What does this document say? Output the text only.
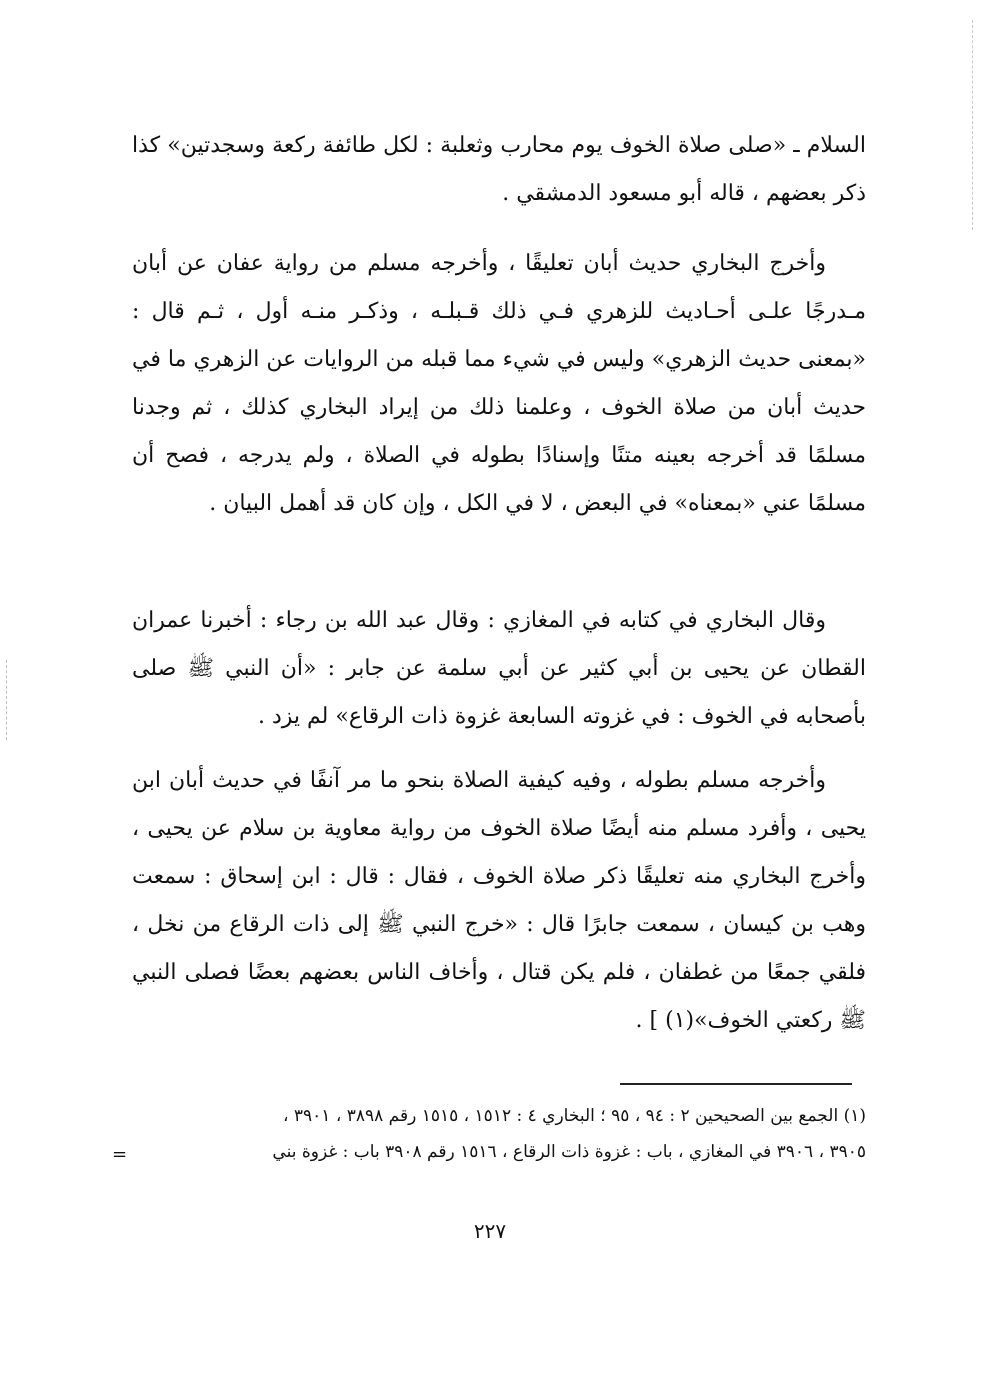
السلام ـ «صلى صلاة الخوف يوم محارب وثعلبة : لكل طائفة ركعة وسجدتين» كذا ذكر بعضهم ، قاله أبو مسعود الدمشقي .

وأخرج البخاري حديث أبان تعليقًا ، وأخرجه مسلم من رواية عفان عن أبان مـدرجًا علـى أحـاديث للزهري فـي ذلك قـبلـه ، وذكـر منـه أول ، ثـم قال : «بمعنى حديث الزهري» وليس في شيء مما قبله من الروايات عن الزهري ما في حديث أبان من صلاة الخوف ، وعلمنا ذلك من إيراد البخاري كذلك ، ثم وجدنا مسلمًا قد أخرجه بعينه متنًا وإسنادًا بطوله في الصلاة ، ولم يدرجه ، فصح أن مسلمًا عني «بمعناه» في البعض ، لا في الكل ، وإن كان قد أهمل البيان .

وقال البخاري في كتابه في المغازي : وقال عبد الله بن رجاء : أخبرنا عمران القطان عن يحيى بن أبي كثير عن أبي سلمة عن جابر : «أن النبي ﷺ صلى بأصحابه في الخوف : في غزوته السابعة غزوة ذات الرقاع» لم يزد .

وأخرجه مسلم بطوله ، وفيه كيفية الصلاة بنحو ما مر آنفًا في حديث أبان ابن يحيى ، وأفرد مسلم منه أيضًا صلاة الخوف من رواية معاوية بن سلام عن يحيى ، وأخرج البخاري منه تعليقًا ذكر صلاة الخوف ، فقال : قال : ابن إسحاق : سمعت وهب بن كيسان ، سمعت جابرًا قال : «خرج النبي ﷺ إلى ذات الرقاع من نخل ، فلقي جمعًا من غطفان ، فلم يكن قتال ، وأخاف الناس بعضهم بعضًا فصلى النبي ﷺ ركعتي الخوف»(١) ] .

(١) الجمع بين الصحيحين ٢ : ٩٤ ، ٩٥ ؛ البخاري ٤ : ١٥١٢ ، ١٥١٥ رقم ٣٨٩٨ ، ٣٩٠١ ،

٣٩٠٥ ، ٣٩٠٦ في المغازي ، باب : غزوة ذات الرقاع ، ١٥١٦ رقم ٣٩٠٨ باب : غزوة بني

=
٢٢٧
